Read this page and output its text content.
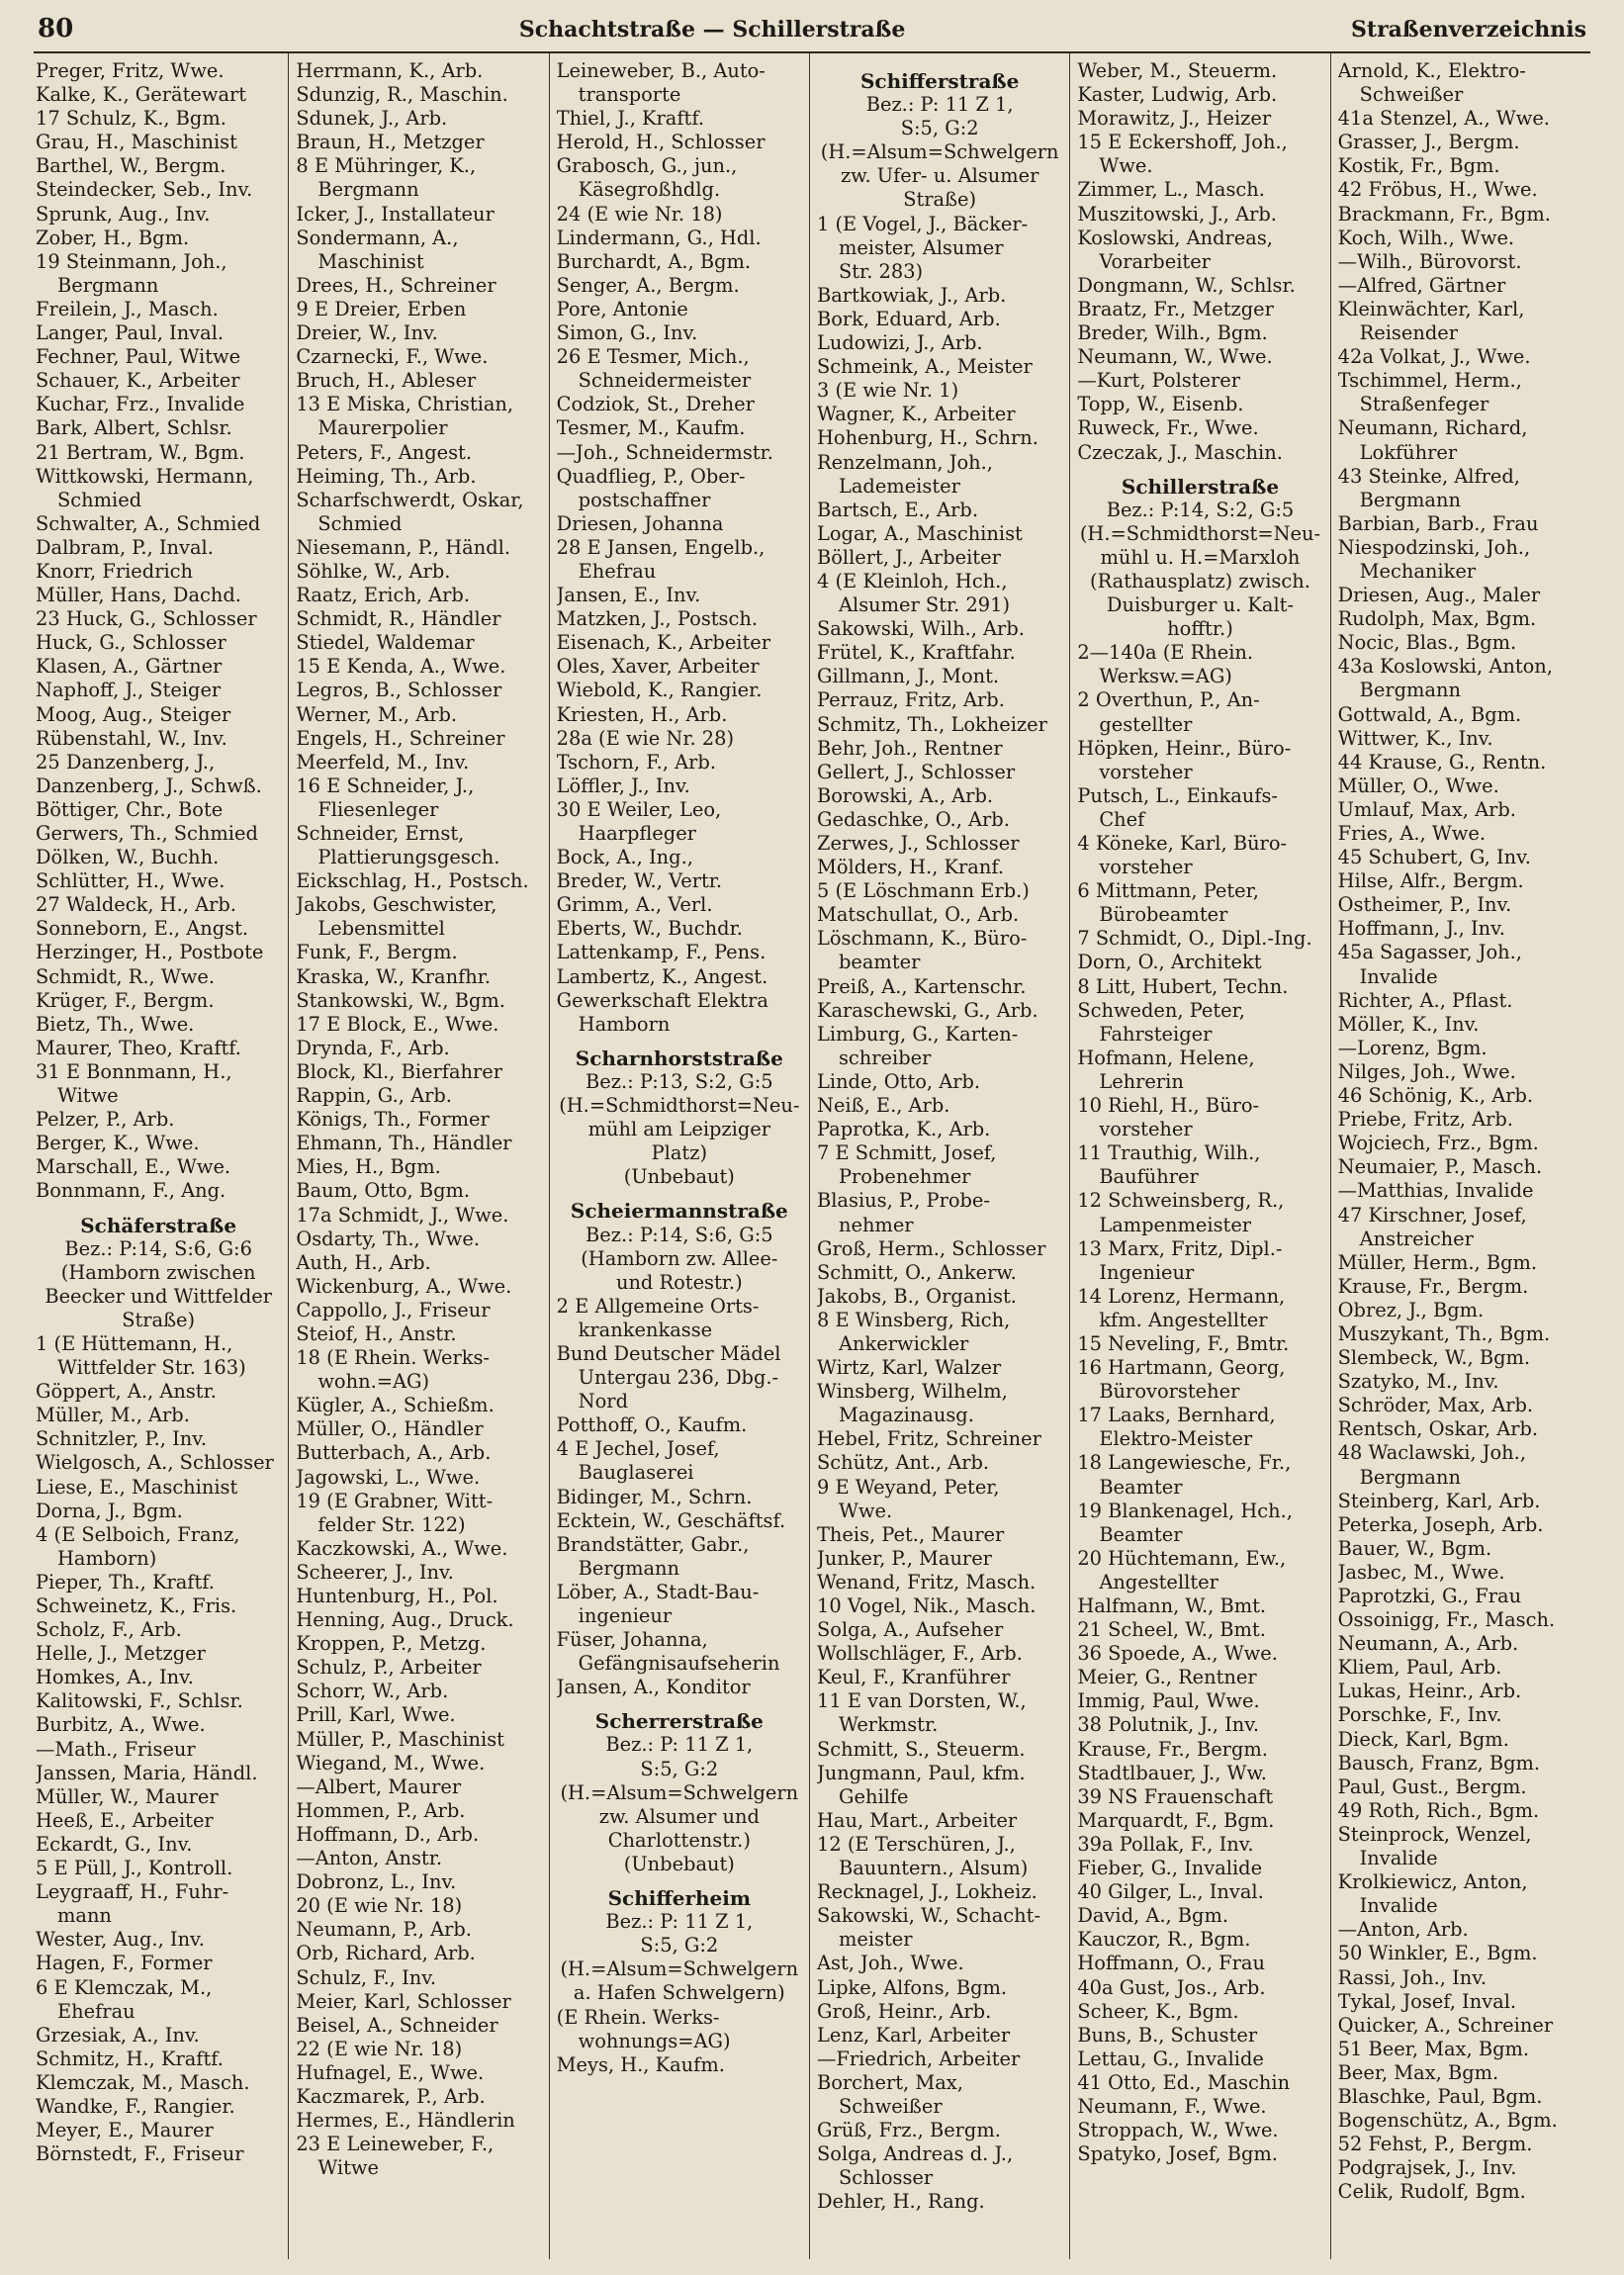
80	Schachtstraße — Schillerstraße	Straßenverzeichnis
Preger, Fritz, Wwe.
Kalke, K., Gerätewart
17 Schulz, K., Bgm.
Grau, H., Maschinist
Barthel, W., Bergm.
Steindecker, Seb., Inv.
Sprunk, Aug., Inv.
Zober, H., Bgm.
19 Steinmann, Joh.,
Bergmann
Freilein, J., Masch.
Langer, Paul, Inval.
Fechner, Paul, Witwe
Schauer, K., Arbeiter
Kuchar, Frz., Invalide
Bark, Albert, Schlsr.
21 Bertram, W., Bgm.
Wittkowski, Hermann,
Schmied
Schwalter, A., Schmied
Dalbram, P., Inval.
Knorr, Friedrich
Müller, Hans, Dachd.
23 Huck, G., Schlosser
Huck, G., Schlosser
Klasen, A., Gärtner
Naphoff, J., Steiger
Moog, Aug., Steiger
Rübenstahl, W., Inv.
25 Danzenberg, J.,
Danzenberg, J., Schwß.
Böttiger, Chr., Bote
Gerwers, Th., Schmied
Dölken, W., Buchh.
Schlütter, H., Wwe.
27 Waldeck, H., Arb.
Sonneborn, E., Angst.
Herzinger, H., Postbote
Schmidt, R., Wwe.
Krüger, F., Bergm.
Bietz, Th., Wwe.
Maurer, Theo, Kraftf.
31 E Bonnmann, H.,
Witwe
Pelzer, P., Arb.
Berger, K., Wwe.
Marschall, E., Wwe.
Bonnmann, F., Ang.
Schäferstraße
Bez.: P:14, S:6, G:6
(Hamborn zwischen
Beecker und Wittfelder
Straße)
1 (E Hüttemann, H.,
Wittfelder Str. 163)
Göppert, A., Anstr.
Müller, M., Arb.
Schnitzler, P., Inv.
Wielgosch, A., Schlosser
Liese, E., Maschinist
Dorna, J., Bgm.
4 (E Selboich, Franz,
Hamborn)
Pieper, Th., Kraftf.
Schweinetz, K., Fris.
Scholz, F., Arb.
Helle, J., Metzger
Homkes, A., Inv.
Kalitowski, F., Schlsr.
Burbitz, A., Wwe.
—Math., Friseur
Janssen, Maria, Händl.
Müller, W., Maurer
Heeß, E., Arbeiter
Eckardt, G., Inv.
5 E Püll, J., Kontroll.
Leygraaff, H., Fuhr-
mann
Wester, Aug., Inv.
Hagen, F., Former
6 E Klemczak, M.,
Ehefrau
Grzesiak, A., Inv.
Schmitz, H., Kraftf.
Klemczak, M., Masch.
Wandke, F., Rangier.
Meyer, E., Maurer
Börnstedt, F., Friseur
Herrmann, K., Arb.
Sdunzig, R., Maschin.
Sdunek, J., Arb.
Braun, H., Metzger
8 E Mühringer, K.,
Bergmann
Icker, J., Installateur
Sondermann, A.,
Maschinist
Drees, H., Schreiner
9 E Dreier, Erben
Dreier, W., Inv.
Czarnecki, F., Wwe.
Bruch, H., Ableser
13 E Miska, Christian,
Maurerpolier
Peters, F., Angest.
Heiming, Th., Arb.
Scharfschwerdt, Oskar,
Schmied
Niesemann, P., Händl.
Söhlke, W., Arb.
Raatz, Erich, Arb.
Schmidt, R., Händler
Stiedel, Waldemar
15 E Kenda, A., Wwe.
Legros, B., Schlosser
Werner, M., Arb.
Engels, H., Schreiner
Meerfeld, M., Inv.
16 E Schneider, J.,
Fliesenleger
Schneider, Ernst,
Plattierungsgesch.
Eickschlag, H., Postsch.
Jakobs, Geschwister,
Lebensmittel
Funk, F., Bergm.
Kraska, W., Kranfhr.
Stankowski, W., Bgm.
17 E Block, E., Wwe.
Drynda, F., Arb.
Block, Kl., Bierfahrer
Rappin, G., Arb.
Königs, Th., Former
Ehmann, Th., Händler
Mies, H., Bgm.
Baum, Otto, Bgm.
17a Schmidt, J., Wwe.
Osdarty, Th., Wwe.
Auth, H., Arb.
Wickenburg, A., Wwe.
Cappollo, J., Friseur
Steiof, H., Anstr.
18 (E Rhein. Werks-
wohn.=AG)
Kügler, A., Schießm.
Müller, O., Händler
Butterbach, A., Arb.
Jagowski, L., Wwe.
19 (E Grabner, Witt-
felder Str. 122)
Kaczkowski, A., Wwe.
Scheerer, J., Inv.
Huntenburg, H., Pol.
Henning, Aug., Druck.
Kroppen, P., Metzg.
Schulz, P., Arbeiter
Schorr, W., Arb.
Prill, Karl, Wwe.
Müller, P., Maschinist
Wiegand, M., Wwe.
—Albert, Maurer
Hommen, P., Arb.
Hoffmann, D., Arb.
—Anton, Anstr.
Dobronz, L., Inv.
20 (E wie Nr. 18)
Neumann, P., Arb.
Orb, Richard, Arb.
Schulz, F., Inv.
Meier, Karl, Schlosser
Beisel, A., Schneider
22 (E wie Nr. 18)
Hufnagel, E., Wwe.
Kaczmarek, P., Arb.
Hermes, E., Händlerin
23 E Leineweber, F.,
Witwe
Leineweber, B., Auto-
transporte
Thiel, J., Kraftf.
Herold, H., Schlosser
Grabosch, G., jun.,
Käsegroßhdlg.
24 (E wie Nr. 18)
Lindermann, G., Hdl.
Burchardt, A., Bgm.
Senger, A., Bergm.
Pore, Antonie
Simon, G., Inv.
26 E Tesmer, Mich.,
Schneidermeister
Codziok, St., Dreher
Tesmer, M., Kaufm.
—Joh., Schneidermstr.
Quadflieg, P., Ober-
postschaffner
Driesen, Johanna
28 E Jansen, Engelb.,
Ehefrau
Jansen, E., Inv.
Matzken, J., Postsch.
Eisenach, K., Arbeiter
Oles, Xaver, Arbeiter
Wiebold, K., Rangier.
Kriesten, H., Arb.
28a (E wie Nr. 28)
Tschorn, F., Arb.
Löffler, J., Inv.
30 E Weiler, Leo,
Haarpfleger
Bock, A., Ing.,
Breder, W., Vertr.
Grimm, A., Verl.
Eberts, W., Buchdr.
Lattenkamp, F., Pens.
Lambertz, K., Angest.
Gewerkschaft Elektra
Hamborn
Scharnhorststraße
Bez.: P:13, S:2, G:5
(H.=Schmidthorst=Neu-
mühl am Leipziger
Platz)
(Unbebaut)
Scheiermannstraße
Bez.: P:14, S:6, G:5
(Hamborn zw. Allee-
und Rotestr.)
2 E Allgemeine Orts-
krankenkasse
Bund Deutscher Mädel
Untergau 236, Dbg.-
Nord
Potthoff, O., Kaufm.
4 E Jechel, Josef,
Bauglaserei
Bidinger, M., Schrn.
Ecktein, W., Geschäftsf.
Brandstätter, Gabr.,
Bergmann
Löber, A., Stadt-Bau-
ingenieur
Füser, Johanna,
Gefängnisaufseherin
Jansen, A., Konditor
Scherrerstraße
Bez.: P: 11 Z 1,
S:5, G:2
(H.=Alsum=Schwelgern
zw. Alsumer und
Charlottenstr.)
(Unbebaut)
Schifferheim
Bez.: P: 11 Z 1,
S:5, G:2
(H.=Alsum=Schwelgern
a. Hafen Schwelgern)
(E Rhein. Werks-
wohnungs=AG)
Meys, H., Kaufm.
Schifferstraße
Bez.: P: 11 Z 1,
S:5, G:2
(H.=Alsum=Schwelgern
zw. Ufer- u. Alsumer
Straße)
1 (E Vogel, J., Bäcker-
meister, Alsumer
Str. 283)
Bartkowiak, J., Arb.
Bork, Eduard, Arb.
Ludowizi, J., Arb.
Schmeink, A., Meister
3 (E wie Nr. 1)
Wagner, K., Arbeiter
Hohenburg, H., Schrn.
Renzelmann, Joh.,
Lademeister
Bartsch, E., Arb.
Logar, A., Maschinist
Böllert, J., Arbeiter
4 (E Kleinloh, Hch.,
Alsumer Str. 291)
Sakowski, Wilh., Arb.
Frütel, K., Kraftfahr.
Gillmann, J., Mont.
Perrauz, Fritz, Arb.
Schmitz, Th., Lokheizer
Behr, Joh., Rentner
Gellert, J., Schlosser
Borowski, A., Arb.
Gedaschke, O., Arb.
Zerwes, J., Schlosser
Mölders, H., Kranf.
5 (E Löschmann Erb.)
Matschullat, O., Arb.
Löschmann, K., Büro-
beamter
Preiß, A., Kartenschr.
Karaschewski, G., Arb.
Limburg, G., Karten-
schreiber
Linde, Otto, Arb.
Neiß, E., Arb.
Paprotka, K., Arb.
7 E Schmitt, Josef,
Probenehmer
Blasius, P., Probe-
nehmer
Groß, Herm., Schlosser
Schmitt, O., Ankerw.
Jakobs, B., Organist.
8 E Winsberg, Rich,
Ankerwickler
Wirtz, Karl, Walzer
Winsberg, Wilhelm,
Magazinausg.
Hebel, Fritz, Schreiner
Schütz, Ant., Arb.
9 E Weyand, Peter,
Wwe.
Theis, Pet., Maurer
Junker, P., Maurer
Wenand, Fritz, Masch.
10 Vogel, Nik., Masch.
Solga, A., Aufseher
Wollschläger, F., Arb.
Keul, F., Kranführer
11 E van Dorsten, W.,
Werkmstr.
Schmitt, S., Steuerm.
Jungmann, Paul, kfm.
Gehilfe
Hau, Mart., Arbeiter
12 (E Terschüren, J.,
Bauuntern., Alsum)
Recknagel, J., Lokheiz.
Sakowski, W., Schacht-
meister
Ast, Joh., Wwe.
Lipke, Alfons, Bgm.
Groß, Heinr., Arb.
Lenz, Karl, Arbeiter
—Friedrich, Arbeiter
Borchert, Max,
Schweißer
Grüß, Frz., Bergm.
Solga, Andreas d. J.,
Schlosser
Dehler, H., Rang.
Weber, M., Steuerm.
Kaster, Ludwig, Arb.
Morawitz, J., Heizer
15 E Eckershoff, Joh.,
Wwe.
Zimmer, L., Masch.
Muszitowski, J., Arb.
Koslowski, Andreas,
Vorarbeiter
Dongmann, W., Schlsr.
Braatz, Fr., Metzger
Breder, Wilh., Bgm.
Neumann, W., Wwe.
—Kurt, Polsterer
Topp, W., Eisenb.
Ruweck, Fr., Wwe.
Czeczak, J., Maschin.
Schillerstraße
Bez.: P:14, S:2, G:5
(H.=Schmidthorst=Neu-
mühl u. H.=Marxloh
(Rathausplatz) zwisch.
Duisburger u. Kalt-
hofftr.)
2—140a (E Rhein.
Werksw.=AG)
2 Overthun, P., An-
gestellter
Höpken, Heinr., Büro-
vorsteher
Putsch, L., Einkaufs-
Chef
4 Köneke, Karl, Büro-
vorsteher
6 Mittmann, Peter,
Bürobeamter
7 Schmidt, O., Dipl.-Ing.
Dorn, O., Architekt
8 Litt, Hubert, Techn.
Schweden, Peter,
Fahrsteiger
Hofmann, Helene,
Lehrerin
10 Riehl, H., Büro-
vorsteher
11 Trauthig, Wilh.,
Bauführer
12 Schweinsberg, R.,
Lampenmeister
13 Marx, Fritz, Dipl.-
Ingenieur
14 Lorenz, Hermann,
kfm. Angestellter
15 Neveling, F., Bmtr.
16 Hartmann, Georg,
Bürovorsteher
17 Laaks, Bernhard,
Elektro-Meister
18 Langewiesche, Fr.,
Beamter
19 Blankenagel, Hch.,
Beamter
20 Hüchtemann, Ew.,
Angestellter
Halfmann, W., Bmt.
21 Scheel, W., Bmt.
36 Spoede, A., Wwe.
Meier, G., Rentner
Immig, Paul, Wwe.
38 Polutnik, J., Inv.
Krause, Fr., Bergm.
Stadtlbauer, J., Ww.
39 NS Frauenschaft
Marquardt, F., Bgm.
39a Pollak, F., Inv.
Fieber, G., Invalide
40 Gilger, L., Inval.
David, A., Bgm.
Kauczor, R., Bgm.
Hoffmann, O., Frau
40a Gust, Jos., Arb.
Scheer, K., Bgm.
Buns, B., Schuster
Lettau, G., Invalide
41 Otto, Ed., Maschin
Neumann, F., Wwe.
Stroppach, W., Wwe.
Spatyko, Josef, Bgm.
Arnold, K., Elektro-
Schweißer
41a Stenzel, A., Wwe.
Grasser, J., Bergm.
Kostik, Fr., Bgm.
42 Fröbus, H., Wwe.
Brackmann, Fr., Bgm.
Koch, Wilh., Wwe.
—Wilh., Bürovorst.
—Alfred, Gärtner
Kleinwächter, Karl,
Reisender
42a Volkat, J., Wwe.
Tschimmel, Herm.,
Straßenfeger
Neumann, Richard,
Lokführer
43 Steinke, Alfred,
Bergmann
Barbian, Barb., Frau
Niespodzinski, Joh.,
Mechaniker
Driesen, Aug., Maler
Rudolph, Max, Bgm.
Nocic, Blas., Bgm.
43a Koslowski, Anton,
Bergmann
Gottwald, A., Bgm.
Wittwer, K., Inv.
44 Krause, G., Rentn.
Müller, O., Wwe.
Umlauf, Max, Arb.
Fries, A., Wwe.
45 Schubert, G, Inv.
Hilse, Alfr., Bergm.
Ostheimer, P., Inv.
Hoffmann, J., Inv.
45a Sagasser, Joh.,
Invalide
Richter, A., Pflast.
Möller, K., Inv.
—Lorenz, Bgm.
Nilges, Joh., Wwe.
46 Schönig, K., Arb.
Priebe, Fritz, Arb.
Wojciech, Frz., Bgm.
Neumaier, P., Masch.
—Matthias, Invalide
47 Kirschner, Josef,
Anstreicher
Müller, Herm., Bgm.
Krause, Fr., Bergm.
Obrez, J., Bgm.
Muszykant, Th., Bgm.
Slembeck, W., Bgm.
Szatyko, M., Inv.
Schröder, Max, Arb.
Rentsch, Oskar, Arb.
48 Waclawski, Joh.,
Bergmann
Steinberg, Karl, Arb.
Peterka, Joseph, Arb.
Bauer, W., Bgm.
Jasbec, M., Wwe.
Paprotzki, G., Frau
Ossoinigg, Fr., Masch.
Neumann, A., Arb.
Kliem, Paul, Arb.
Lukas, Heinr., Arb.
Porschke, F., Inv.
Dieck, Karl, Bgm.
Bausch, Franz, Bgm.
Paul, Gust., Bergm.
49 Roth, Rich., Bgm.
Steinprock, Wenzel,
Invalide
Krolkiewicz, Anton,
Invalide
—Anton, Arb.
50 Winkler, E., Bgm.
Rassi, Joh., Inv.
Tykal, Josef, Inval.
Quicker, A., Schreiner
51 Beer, Max, Bgm.
Beer, Max, Bgm.
Blaschke, Paul, Bgm.
Bogenschütz, A., Bgm.
52 Fehst, P., Bergm.
Podgrajsek, J., Inv.
Celik, Rudolf, Bgm.
